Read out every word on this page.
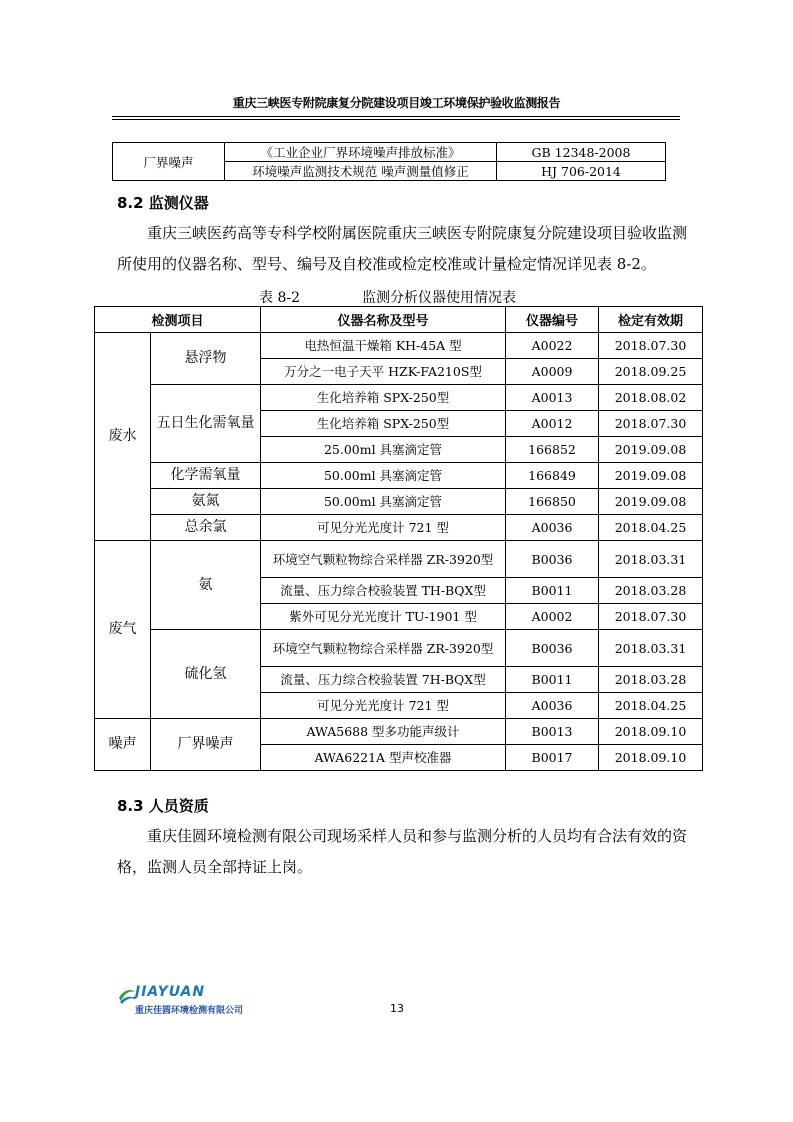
重庆三峡医专附院康复分院建设项目竣工环境保护验收监测报告
厂界噪声	《工业企业厂界环境噪声排放标准》	GB 12348-2008
	环境噪声监测技术规范 噪声测量值修正	HJ 706-2014
8.2 监测仪器
重庆三峡医药高等专科学校附属医院重庆三峡医专附院康复分院建设项目验收监测所使用的仪器名称、型号、编号及自校准或检定校准或计量检定情况详见表 8-2。
表 8-2	监测分析仪器使用情况表
检测项目		仪器名称及型号	仪器编号	检定有效期
废水	悬浮物	电热恒温干燥箱 KH-45A 型	A0022	2018.07.30
		万分之一电子天平 HZK-FA210S型	A0009	2018.09.25
	五日生化需氧量	生化培养箱 SPX-250型	A0013	2018.08.02
		生化培养箱 SPX-250型	A0012	2018.07.30
		25.00ml 具塞滴定管	166852	2019.09.08
	化学需氧量	50.00ml 具塞滴定管	166849	2019.09.08
	氨氮	50.00ml 具塞滴定管	166850	2019.09.08
	总余氯	可见分光光度计 721 型	A0036	2018.04.25
废气	氨	环境空气颗粒物综合采样器 ZR-3920型	B0036	2018.03.31
		流量、压力综合校验装置 TH-BQX型	B0011	2018.03.28
		紫外可见分光光度计 TU-1901 型	A0002	2018.07.30
	硫化氢	环境空气颗粒物综合采样器 ZR-3920型	B0036	2018.03.31
		流量、压力综合校验装置 7H-BQX型	B0011	2018.03.28
		可见分光光度计 721 型	A0036	2018.04.25
噪声	厂界噪声	AWA5688 型多功能声级计	B0013	2018.09.10
		AWA6221A 型声校准器	B0017	2018.09.10
8.3 人员资质
重庆佳圆环境检测有限公司现场采样人员和参与监测分析的人员均有合法有效的资格，监测人员全部持证上岗。
JIAYUAN
重庆佳圆环境检测有限公司	13
